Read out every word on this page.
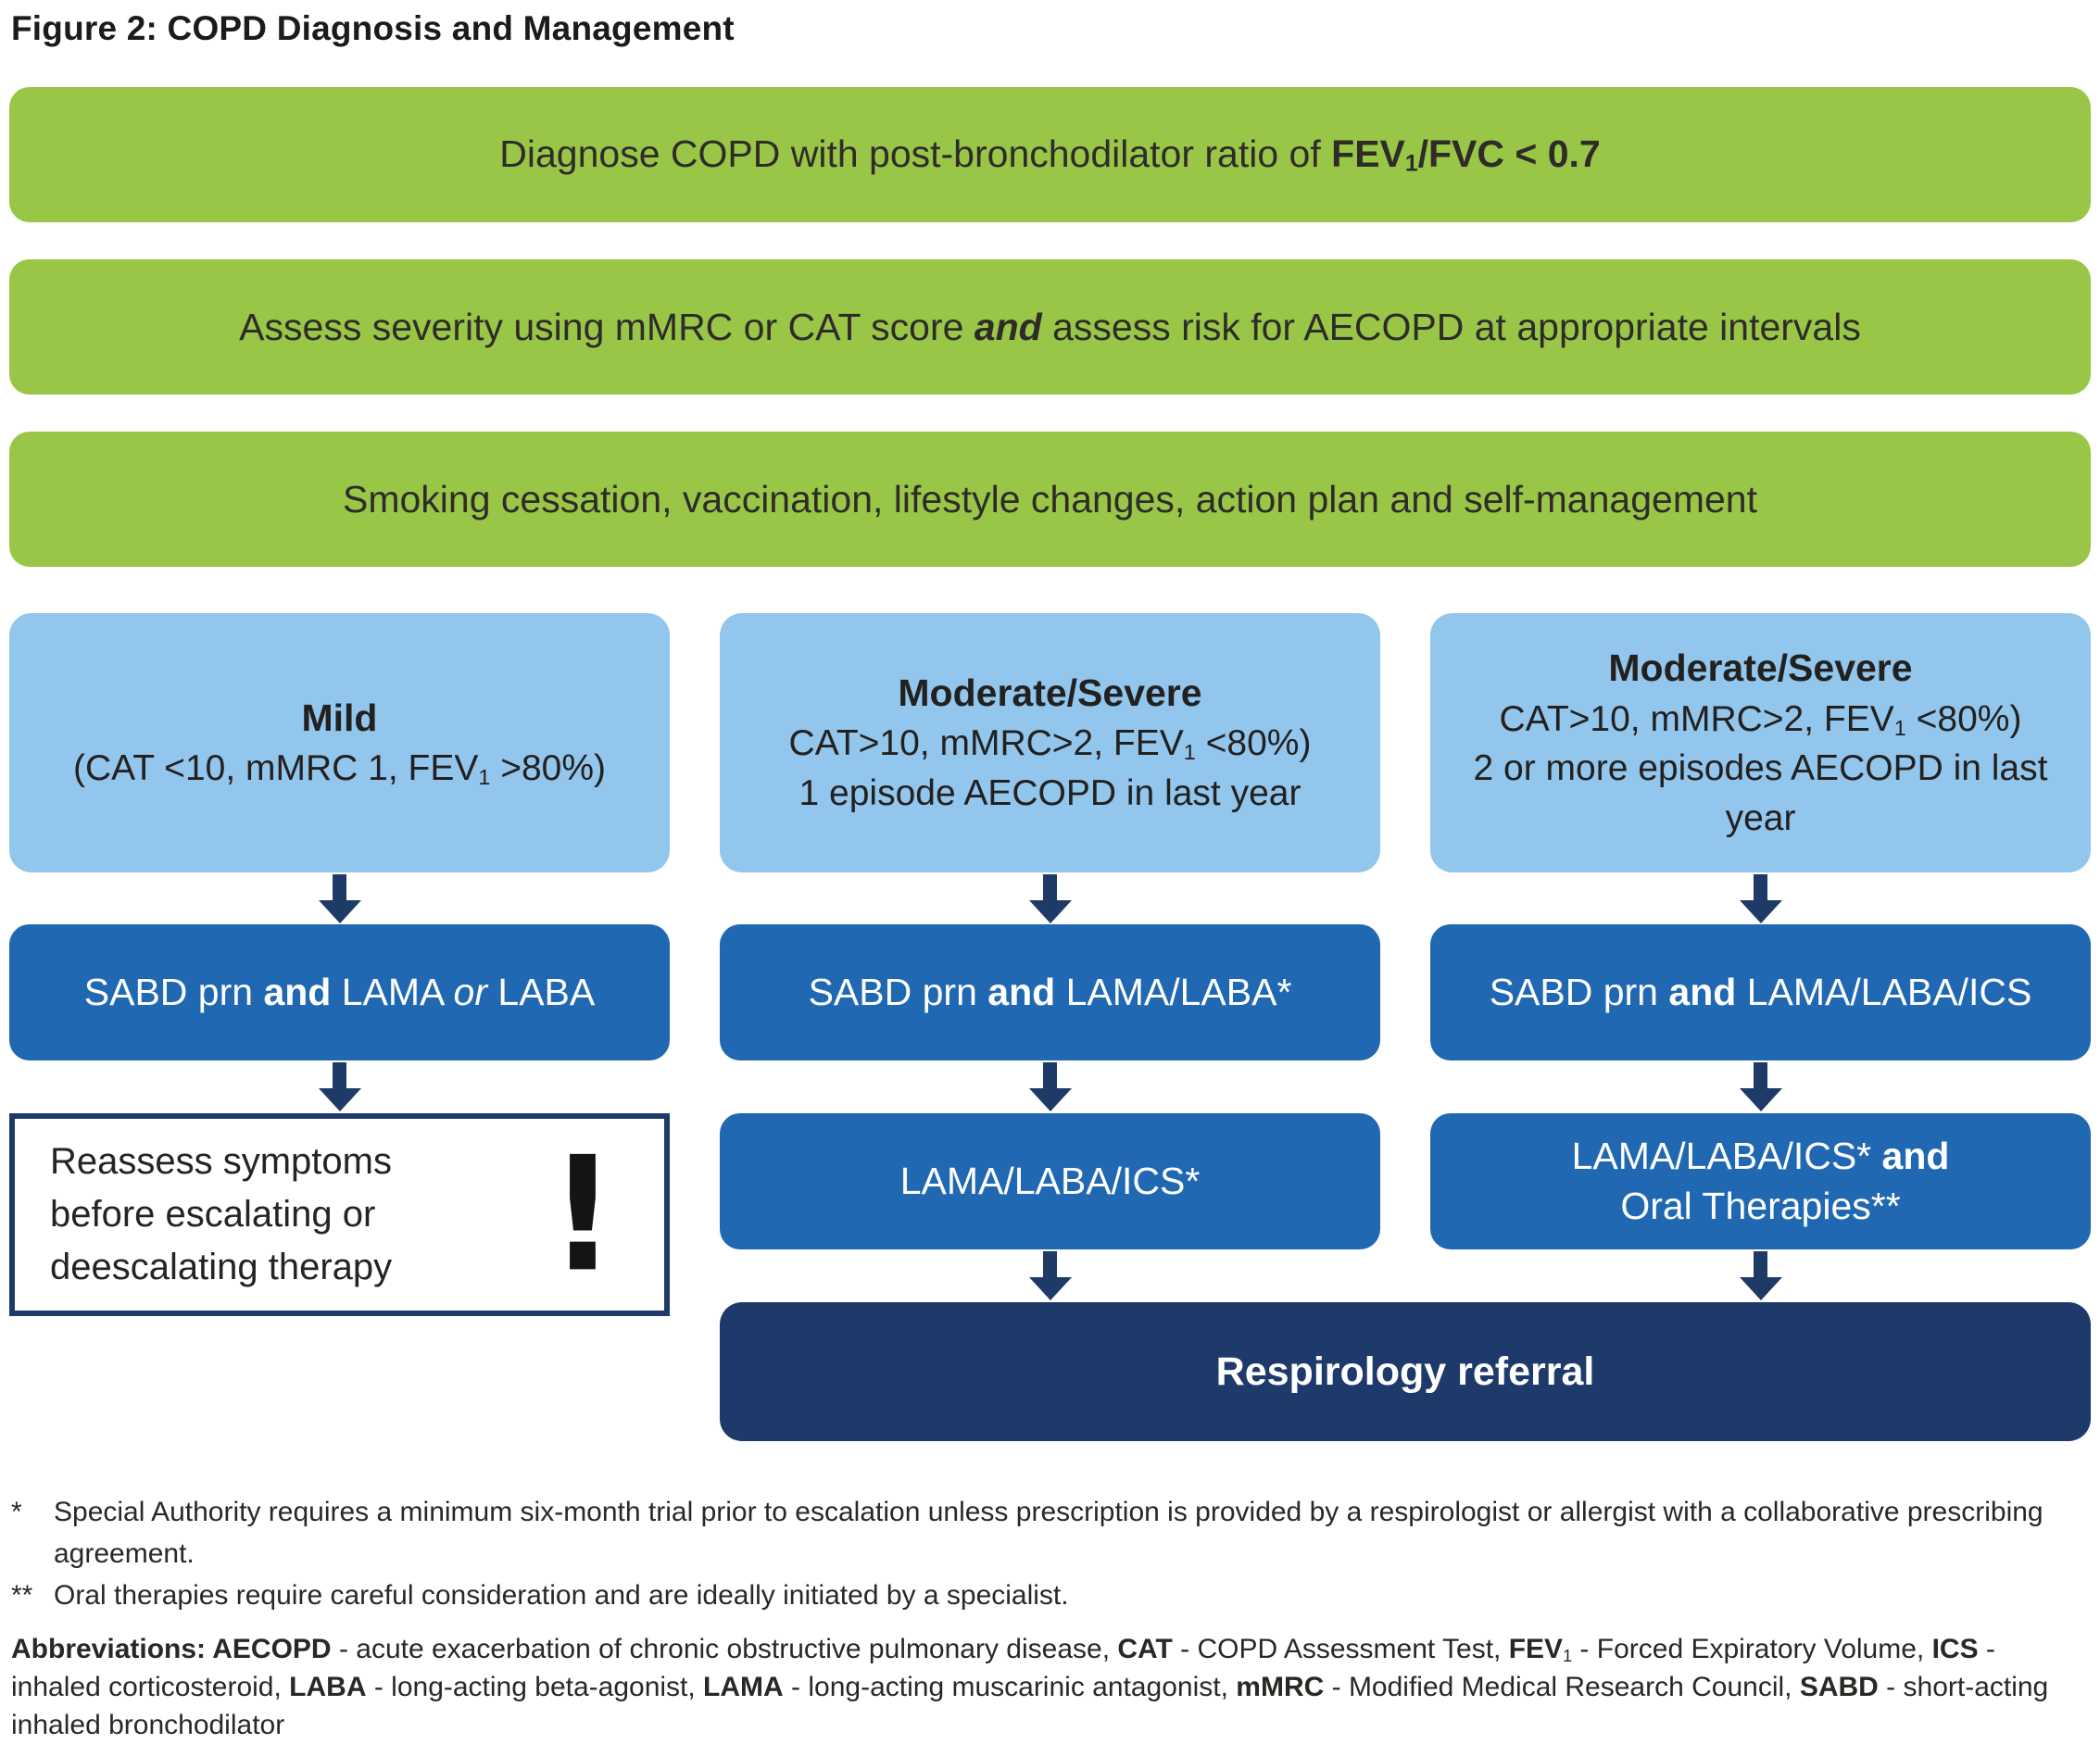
Figure 2: COPD Diagnosis and Management
Diagnose COPD with post-bronchodilator ratio of FEV1/FVC < 0.7
Assess severity using mMRC or CAT score and assess risk for AECOPD at appropriate intervals
Smoking cessation, vaccination, lifestyle changes, action plan and self-management
Mild
(CAT <10, mMRC 1, FEV1 >80%)
Moderate/Severe
CAT>10, mMRC>2, FEV1 <80%)
1 episode AECOPD in last year
Moderate/Severe
CAT>10, mMRC>2, FEV1 <80%)
2 or more episodes AECOPD in last year
SABD prn and LAMA or LABA	SABD prn and LAMA/LABA*	SABD prn and LAMA/LABA/ICS
Reassess symptoms
before escalating or
deescalating therapy !	LAMA/LABA/ICS*
LAMA/LABA/ICS* and
Oral Therapies**
Respirology referral
*	Special Authority requires a minimum six-month trial prior to escalation unless prescription is provided by a respirologist or allergist with a collaborative prescribing agreement.
** Oral therapies require careful consideration and are ideally initiated by a specialist.
Abbreviations: AECOPD - acute exacerbation of chronic obstructive pulmonary disease, CAT - COPD Assessment Test, FEV1 - Forced Expiratory Volume, ICS - inhaled corticosteroid, LABA - long-acting beta-agonist, LAMA - long-acting muscarinic antagonist, mMRC - Modified Medical Research Council, SABD - short-acting inhaled bronchodilator
